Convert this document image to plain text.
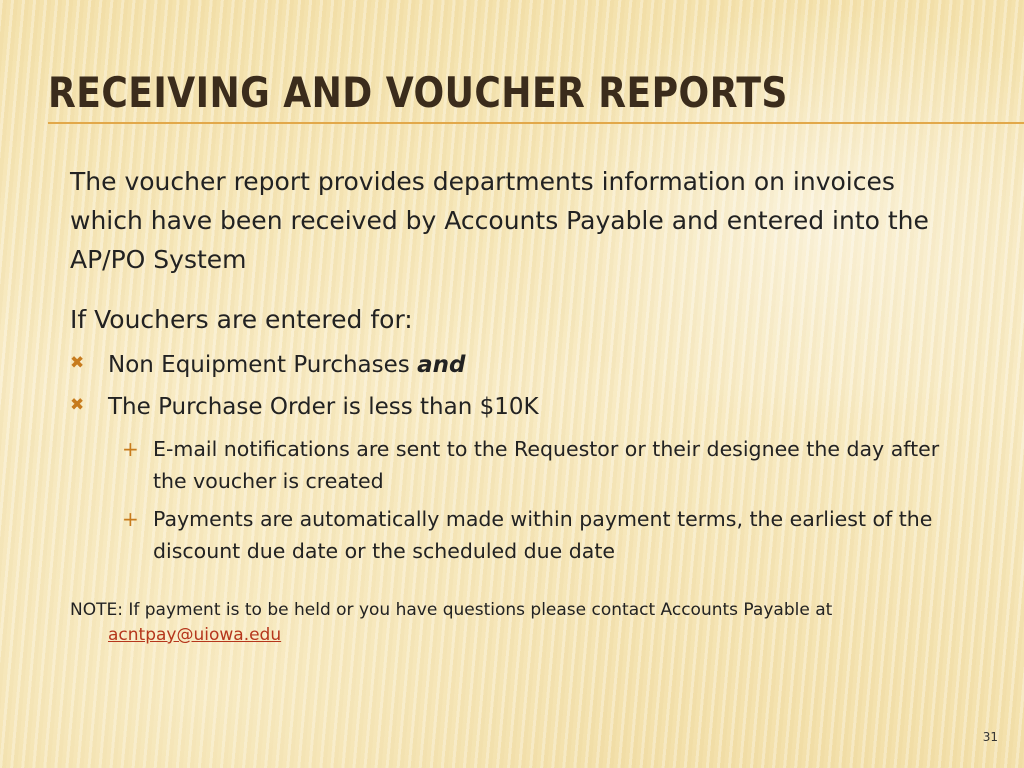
RECEIVING AND VOUCHER REPORTS

The voucher report provides departments information on invoices which have been received by Accounts Payable and entered into the AP/PO System

If Vouchers are entered for:

✖ Non Equipment Purchases and
✖ The Purchase Order is less than $10K
+ E-mail notifications are sent to the Requestor or their designee the day after the voucher is created
+ Payments are automatically made within payment terms, the earliest of the discount due date or the scheduled due date
NOTE: If payment is to be held or you have questions please contact Accounts Payable at
acntpay@uiowa.edu
31
